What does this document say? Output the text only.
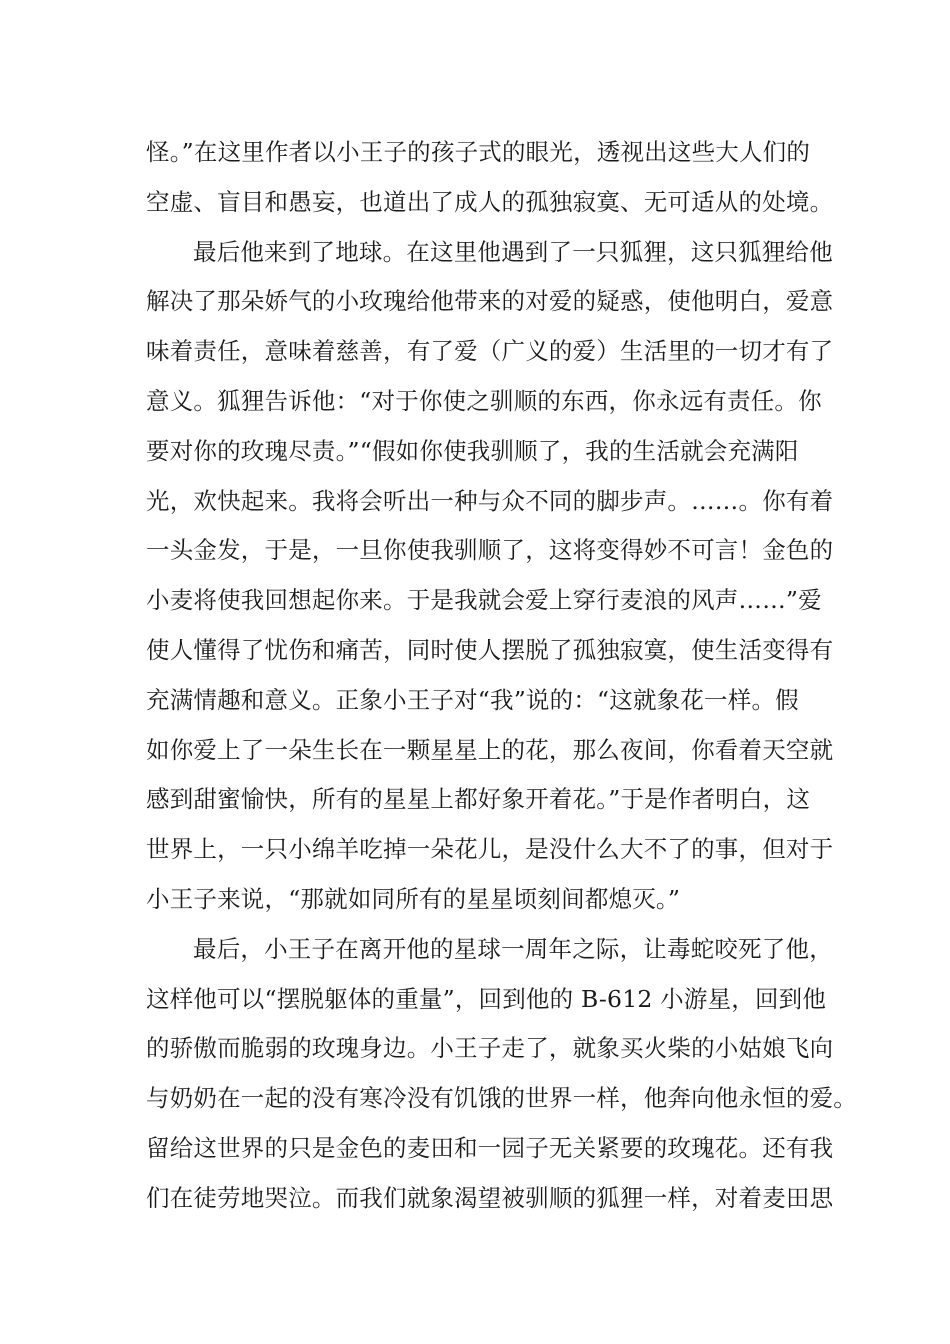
怪。”在这里作者以小王子的孩子式的眼光，透视出这些大人们的
空虚、盲目和愚妄，也道出了成人的孤独寂寞、无可适从的处境。
最后他来到了地球。在这里他遇到了一只狐狸，这只狐狸给他
解决了那朵娇气的小玫瑰给他带来的对爱的疑惑，使他明白，爱意
味着责任，意味着慈善，有了爱（广义的爱）生活里的一切才有了
意义。狐狸告诉他：“对于你使之驯顺的东西，你永远有责任。你
要对你的玫瑰尽责。”“假如你使我驯顺了，我的生活就会充满阳
光，欢快起来。我将会听出一种与众不同的脚步声。……。你有着
一头金发，于是，一旦你使我驯顺了，这将变得妙不可言！金色的
小麦将使我回想起你来。于是我就会爱上穿行麦浪的风声……”爱
使人懂得了忧伤和痛苦，同时使人摆脱了孤独寂寞，使生活变得有
充满情趣和意义。正象小王子对“我”说的：“这就象花一样。假
如你爱上了一朵生长在一颗星星上的花，那么夜间，你看着天空就
感到甜蜜愉快，所有的星星上都好象开着花。”于是作者明白，这
世界上，一只小绵羊吃掉一朵花儿，是没什么大不了的事，但对于
小王子来说，“那就如同所有的星星顷刻间都熄灭。”
最后，小王子在离开他的星球一周年之际，让毒蛇咬死了他，
这样他可以“摆脱躯体的重量”，回到他的 B-612 小游星，回到他
的骄傲而脆弱的玫瑰身边。小王子走了，就象买火柴的小姑娘飞向
与奶奶在一起的没有寒冷没有饥饿的世界一样，他奔向他永恒的爱。
留给这世界的只是金色的麦田和一园子无关紧要的玫瑰花。还有我
们在徒劳地哭泣。而我们就象渴望被驯顺的狐狸一样，对着麦田思
